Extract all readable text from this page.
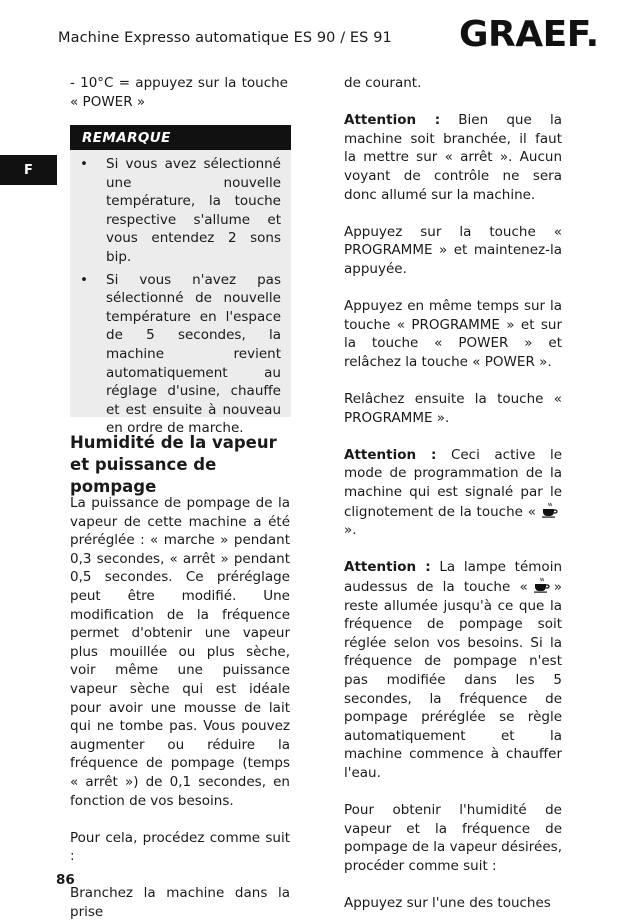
Machine Expresso automatique ES 90 / ES 91 GRAEF.
F

- 10°C = appuyez sur la touche « POWER »

REMARQUE
•	Si vous avez sélectionné une nouvelle température, la touche respective s'allume et vous entendez 2 sons bip.
•	Si vous n'avez pas sélectionné de nouvelle température en l'espace de 5 secondes, la machine revient automatiquement au réglage d'usine, chauffe et est ensuite à nouveau en ordre de marche.
Humidité de la vapeur et puissance de pompage

La puissance de pompage de la vapeur de cette machine a été préréglée : « marche » pendant 0,3 secondes, « arrêt » pendant 0,5 secondes. Ce préréglage peut être modifié. Une modification de la fréquence permet d'obtenir une vapeur plus mouillée ou plus sèche, voir même une puissance vapeur sèche qui est idéale pour avoir une mousse de lait qui ne tombe pas. Vous pouvez augmenter ou réduire la fréquence de pompage (temps « arrêt ») de 0,1 secondes, en fonction de vos besoins.

Pour cela, procédez comme suit :

Branchez la machine dans la prise

de courant.

Attention : Bien que la machine soit branchée, il faut la mettre sur « arrêt ». Aucun voyant de contrôle ne sera donc allumé sur la machine.

Appuyez sur la touche « PROGRAMME » et maintenez-la appuyée.

Appuyez en même temps sur la touche « PROGRAMME » et sur la touche « POWER » et relâchez la touche « POWER ».

Relâchez ensuite la touche « PROGRAMME ».

Attention : Ceci active le mode de programmation de la machine qui est signalé par le clignotement de la touche «».

Attention : La lampe témoin audessus de la touche « » reste allumée jusqu'à ce que la fréquence de pompage soit réglée selon vos besoins. Si la fréquence de pompage n'est pas modifiée dans les 5 secondes, la fréquence de pompage préréglée se règle automatiquement et la machine commence à chauffer l'eau.

Pour obtenir l'humidité de vapeur et la fréquence de pompage de la vapeur désirées, procéder comme suit :

Appuyez sur l'une des touches

86
